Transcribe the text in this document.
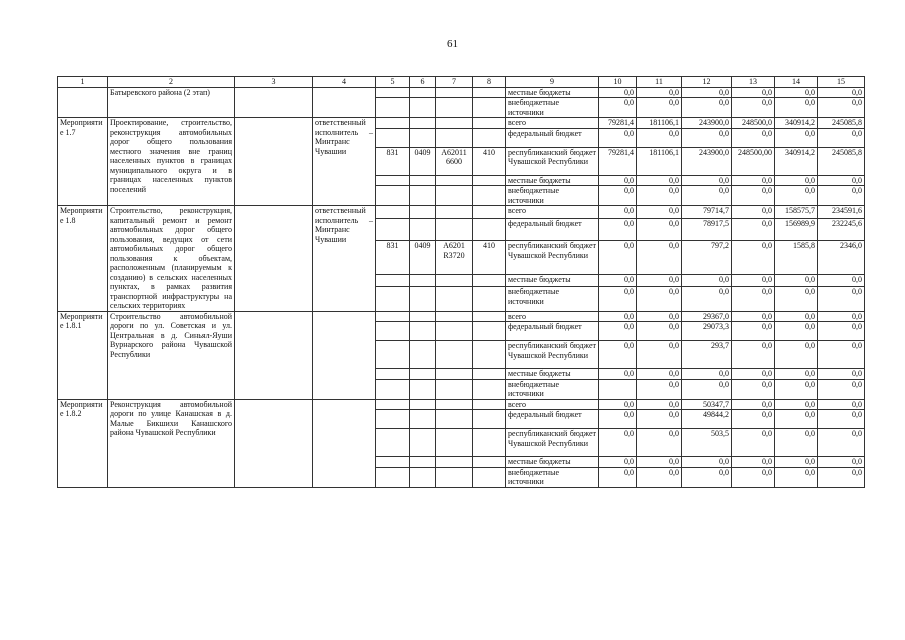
61
1	2	3	4	5	6	7	8	9	10	11	12	13	14	15
	Батыревского района (2 этап)							местные бюджеты	0,0	0,0	0,0	0,0	0,0	0,0
								внебюджетные источники	0,0	0,0	0,0	0,0	0,0	0,0
Мероприятие 1.7	Проектирование, строительство, реконструкция автомобильных дорог общего пользования местного значения вне границ населенных пунктов в границах муниципального округа и в границах населенных пунктов поселений		ответственный исполнитель – Минтранс Чувашии					всего	79281,4	181106,1	243900,0	248500,0	340914,2	245085,8
								федеральный бюджет	0,0	0,0	0,0	0,0	0,0	0,0
				831	0409	А62011 6600	410	республиканский бюджет Чувашской Республики	79281,4	181106,1	243900,0	248500,00	340914,2	245085,8
								местные бюджеты	0,0	0,0	0,0	0,0	0,0	0,0
								внебюджетные источники	0,0	0,0	0,0	0,0	0,0	0,0
Мероприятие 1.8	Строительство, реконструкция, капитальный ремонт и ремонт автомобильных дорог общего пользования, ведущих от сети автомобильных дорог общего пользования к объектам, расположенным (планируемым к созданию) в сельских населенных пунктах, в рамках развития транспортной инфраструктуры на сельских территориях		ответственный исполнитель – Минтранс Чувашии					всего	0,0	0,0	79714,7	0,0	158575,7	234591,6
								федеральный бюджет	0,0	0,0	78917,5	0,0	156989,9	232245,6
				831	0409	А6201 R3720	410	республиканский бюджет Чувашской Республики	0,0	0,0	797,2	0,0	1585,8	2346,0
								местные бюджеты	0,0	0,0	0,0	0,0	0,0	0,0
								внебюджетные источники	0,0	0,0	0,0	0,0	0,0	0,0
Мероприятие 1.8.1	Строительство автомобильной дороги по ул. Советская и ул. Центральная в д. Синьял-Яуши Вурнарского района Чувашской Республики							всего	0,0	0,0	29367,0	0,0	0,0	0,0
								федеральный бюджет	0,0	0,0	29073,3	0,0	0,0	0,0
								республиканский бюджет Чувашской Республики	0,0	0,0	293,7	0,0	0,0	0,0
								местные бюджеты	0,0	0,0	0,0	0,0	0,0	0,0
								внебюджетные источники		0,0	0,0	0,0	0,0	0,0
Мероприятие 1.8.2	Реконструкция автомобильной дороги по улице Канашская в д. Малые Бикшихи Канашского района Чувашской Республики							всего	0,0	0,0	50347,7	0,0	0,0	0,0
								федеральный бюджет	0,0	0,0	49844,2	0,0	0,0	0,0
								республиканский бюджет Чувашской Республики	0,0	0,0	503,5	0,0	0,0	0,0
								местные бюджеты	0,0	0,0	0,0	0,0	0,0	0,0
								внебюджетные источники	0,0	0,0	0,0	0,0	0,0	0,0
